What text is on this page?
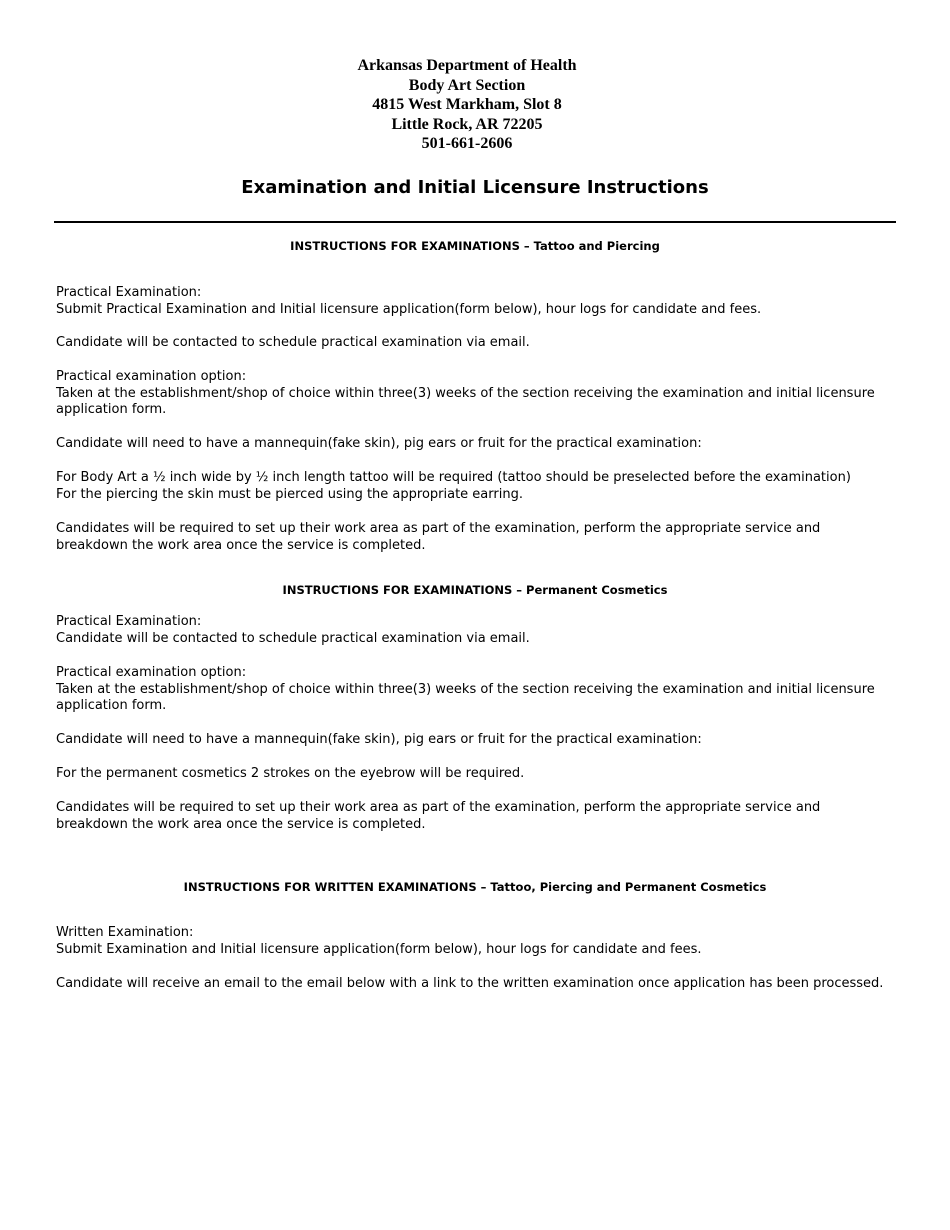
Arkansas Department of Health
Body Art Section
4815 West Markham, Slot 8
Little Rock, AR 72205
501-661-2606
Examination and Initial Licensure Instructions
INSTRUCTIONS FOR EXAMINATIONS – Tattoo and Piercing

Practical Examination:
Submit Practical Examination and Initial licensure application(form below), hour logs for candidate and fees.

Candidate will be contacted to schedule practical examination via email.

Practical examination option:
Taken at the establishment/shop of choice within three(3) weeks of the section receiving the examination and initial licensure application form.

Candidate will need to have a mannequin(fake skin), pig ears or fruit for the practical examination:

For Body Art a ½ inch wide by ½ inch length tattoo will be required (tattoo should be preselected before the examination)
For the piercing the skin must be pierced using the appropriate earring.

Candidates will be required to set up their work area as part of the examination, perform the appropriate service and breakdown the work area once the service is completed.

INSTRUCTIONS FOR EXAMINATIONS – Permanent Cosmetics

Practical Examination:
Candidate will be contacted to schedule practical examination via email.

Practical examination option:
Taken at the establishment/shop of choice within three(3) weeks of the section receiving the examination and initial licensure application form.

Candidate will need to have a mannequin(fake skin), pig ears or fruit for the practical examination:

For the permanent cosmetics 2 strokes on the eyebrow will be required.

Candidates will be required to set up their work area as part of the examination, perform the appropriate service and breakdown the work area once the service is completed.

INSTRUCTIONS FOR WRITTEN EXAMINATIONS – Tattoo, Piercing and Permanent Cosmetics

Written Examination:
Submit Examination and Initial licensure application(form below), hour logs for candidate and fees.

Candidate will receive an email to the email below with a link to the written examination once application has been processed.
